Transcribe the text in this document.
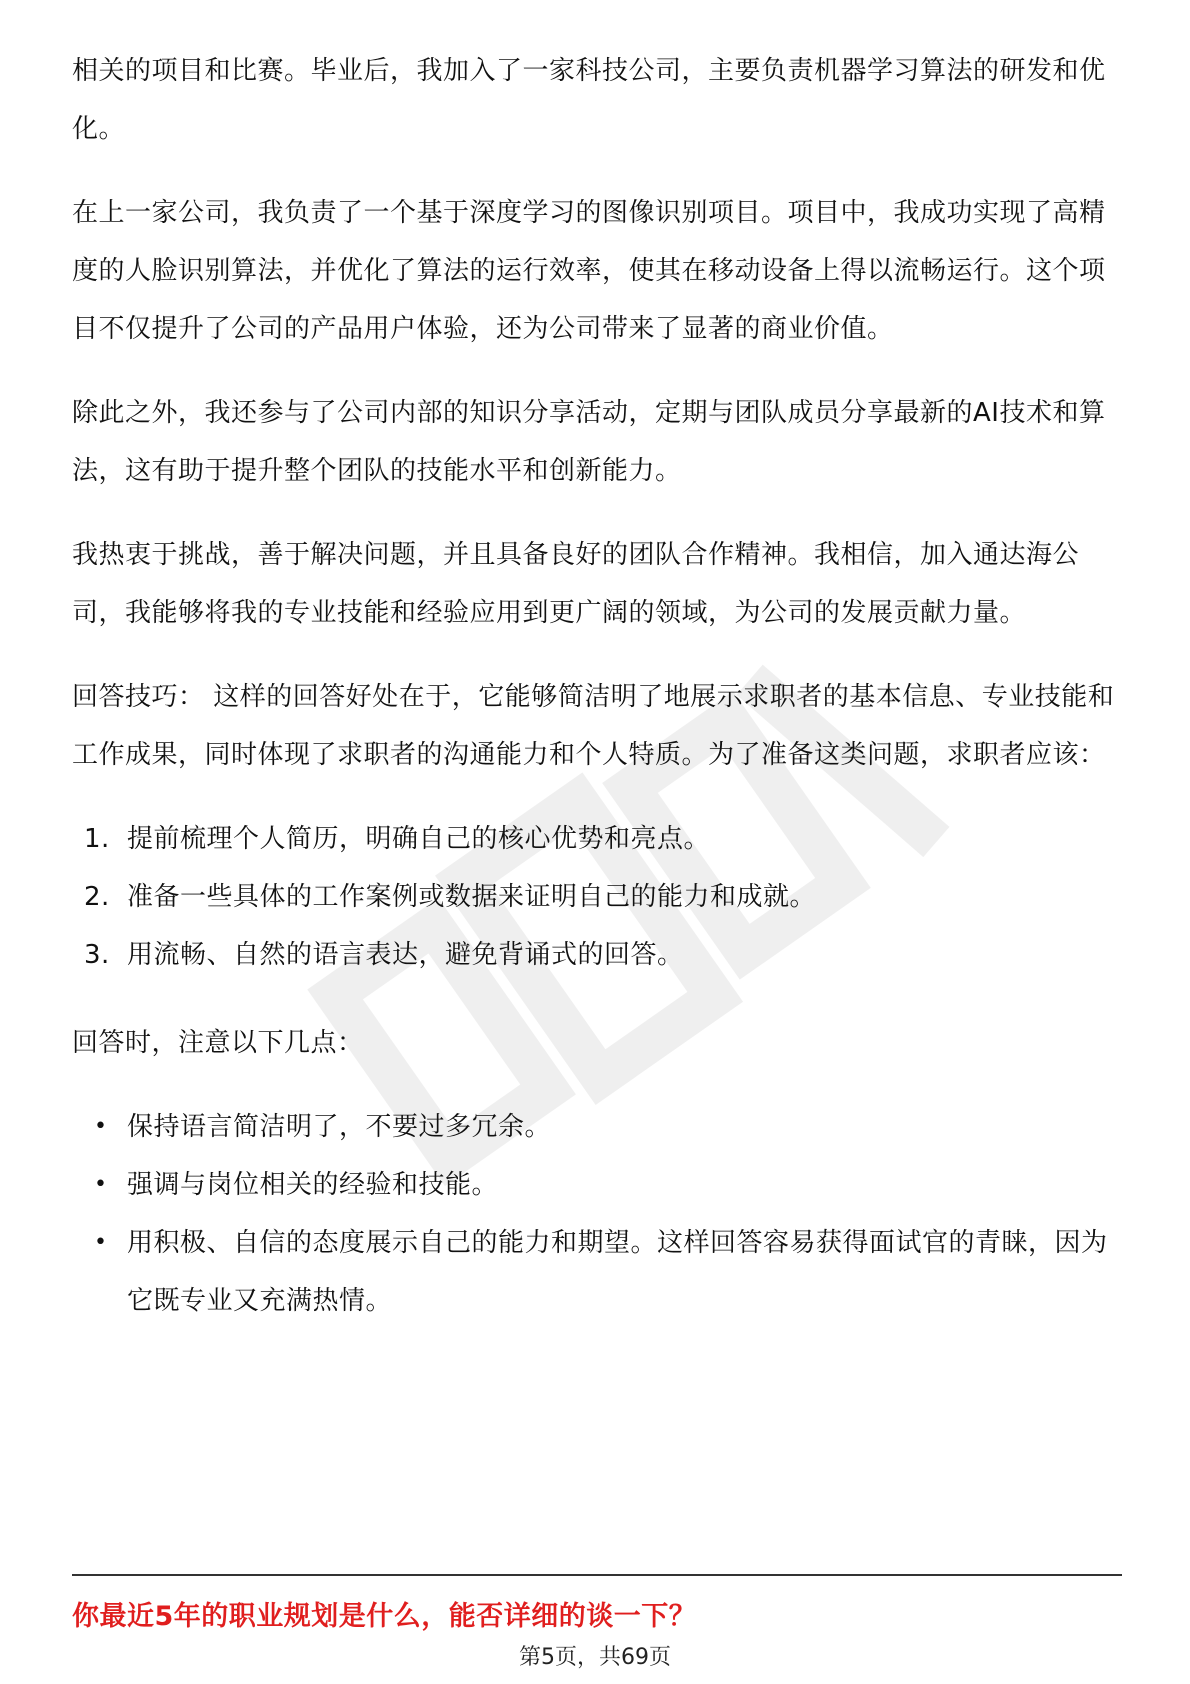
相关的项目和比赛。毕业后，我加入了一家科技公司，主要负责机器学习算法的研发和优化。

在上一家公司，我负责了一个基于深度学习的图像识别项目。项目中，我成功实现了高精度的人脸识别算法，并优化了算法的运行效率，使其在移动设备上得以流畅运行。这个项目不仅提升了公司的产品用户体验，还为公司带来了显著的商业价值。

除此之外，我还参与了公司内部的知识分享活动，定期与团队成员分享最新的AI技术和算法，这有助于提升整个团队的技能水平和创新能力。

我热衷于挑战，善于解决问题，并且具备良好的团队合作精神。我相信，加入通达海公司，我能够将我的专业技能和经验应用到更广阔的领域，为公司的发展贡献力量。

回答技巧： 这样的回答好处在于，它能够简洁明了地展示求职者的基本信息、专业技能和工作成果，同时体现了求职者的沟通能力和个人特质。为了准备这类问题，求职者应该：

1. 提前梳理个人简历，明确自己的核心优势和亮点。
2. 准备一些具体的工作案例或数据来证明自己的能力和成就。
3. 用流畅、自然的语言表达，避免背诵式的回答。

回答时，注意以下几点：

• 保持语言简洁明了，不要过多冗余。
• 强调与岗位相关的经验和技能。
• 用积极、自信的态度展示自己的能力和期望。这样回答容易获得面试官的青睐，因为它既专业又充满热情。
你最近5年的职业规划是什么，能否详细的谈一下？
第5页，共69页
